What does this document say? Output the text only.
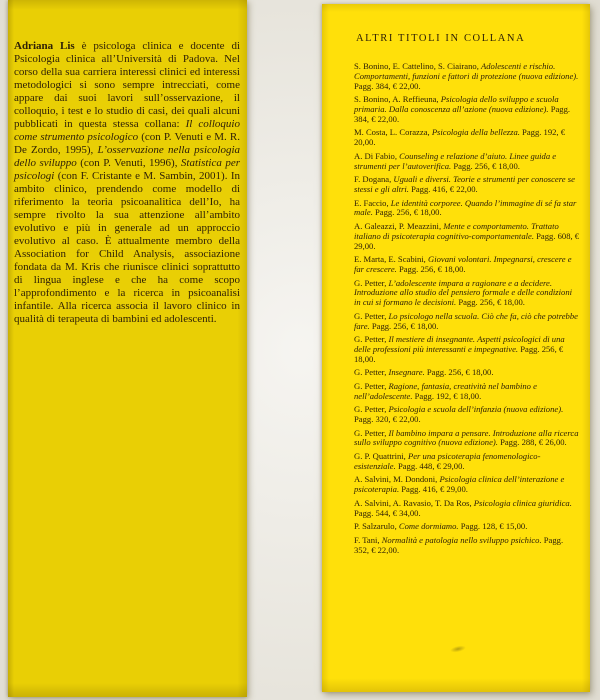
Adriana Lis è psicologa clinica e docente di Psicologia clinica all’Università di Padova. Nel corso della sua carriera interessi clinici ed interessi metodologici si sono sempre intrecciati, come appare dai suoi lavori sull’osservazione, il colloquio, i test e lo studio di casi, dei quali alcuni pubblicati in questa stessa collana: Il colloquio come strumento psicologico (con P. Venuti e M. R. De Zordo, 1995), L’osservazione nella psicologia dello sviluppo (con P. Venuti, 1996), Statistica per psicologi (con F. Cristante e M. Sambin, 2001). In ambito clinico, prendendo come modello di riferimento la teoria psicoanalitica dell’Io, ha sempre rivolto la sua attenzione all’ambito evolutivo e più in generale ad un approccio evolutivo al caso. È attualmente membro della Association for Child Analysis, associazione fondata da M. Kris che riunisce clinici soprattutto di lingua inglese e che ha come scopo l’approfondimento e la ricerca in psicoanalisi infantile. Alla ricerca associa il lavoro clinico in qualità di terapeuta di bambini ed adolescenti.

ALTRI TITOLI IN COLLANA

S. Bonino, E. Cattelino, S. Ciairano, Adolescenti e rischio. Comportamenti, funzioni e fattori di protezione (nuova edizione). Pagg. 384, € 22,00.

S. Bonino, A. Reffieuna, Psicologia dello sviluppo e scuola primaria. Dalla conoscenza all’azione (nuova edizione). Pagg. 384, € 22,00.

M. Costa, L. Corazza, Psicologia della bellezza. Pagg. 192, € 20,00.

A. Di Fabio, Counseling e relazione d’aiuto. Linee guida e strumenti per l’autoverifica. Pagg. 256, € 18,00.

F. Dogana, Uguali e diversi. Teorie e strumenti per conoscere se stessi e gli altri. Pagg. 416, € 22,00.

E. Faccio, Le identità corporee. Quando l’immagine di sé fa star male. Pagg. 256, € 18,00.

A. Galeazzi, P. Meazzini, Mente e comportamento. Trattato italiano di psicoterapia cognitivo-comportamentale. Pagg. 608, € 29,00.

E. Marta, E. Scabini, Giovani volontari. Impegnarsi, crescere e far crescere. Pagg. 256, € 18,00.

G. Petter, L’adolescente impara a ragionare e a decidere. Introduzione allo studio del pensiero formale e delle condizioni in cui si formano le decisioni. Pagg. 256, € 18,00.

G. Petter, Lo psicologo nella scuola. Ciò che fa, ciò che potrebbe fare. Pagg. 256, € 18,00.

G. Petter, Il mestiere di insegnante. Aspetti psicologici di una delle professioni più interessanti e impegnative. Pagg. 256, € 18,00.

G. Petter, Insegnare. Pagg. 256, € 18,00.

G. Petter, Ragione, fantasia, creatività nel bambino e nell’adolescente. Pagg. 192, € 18,00.

G. Petter, Psicologia e scuola dell’infanzia (nuova edizione). Pagg. 320, € 22,00.

G. Petter, Il bambino impara a pensare. Introduzione alla ricerca sullo sviluppo cognitivo (nuova edizione). Pagg. 288, € 26,00.

G. P. Quattrini, Per una psicoterapia fenomenologico-esistenziale. Pagg. 448, € 29,00.

A. Salvini, M. Dondoni, Psicologia clinica dell’interazione e psicoterapia. Pagg. 416, € 29,00.

A. Salvini, A. Ravasio, T. Da Ros, Psicologia clinica giuridica. Pagg. 544, € 34,00.

P. Salzarulo, Come dormiamo. Pagg. 128, € 15,00.

F. Tani, Normalità e patologia nello sviluppo psichico. Pagg. 352, € 22,00.
